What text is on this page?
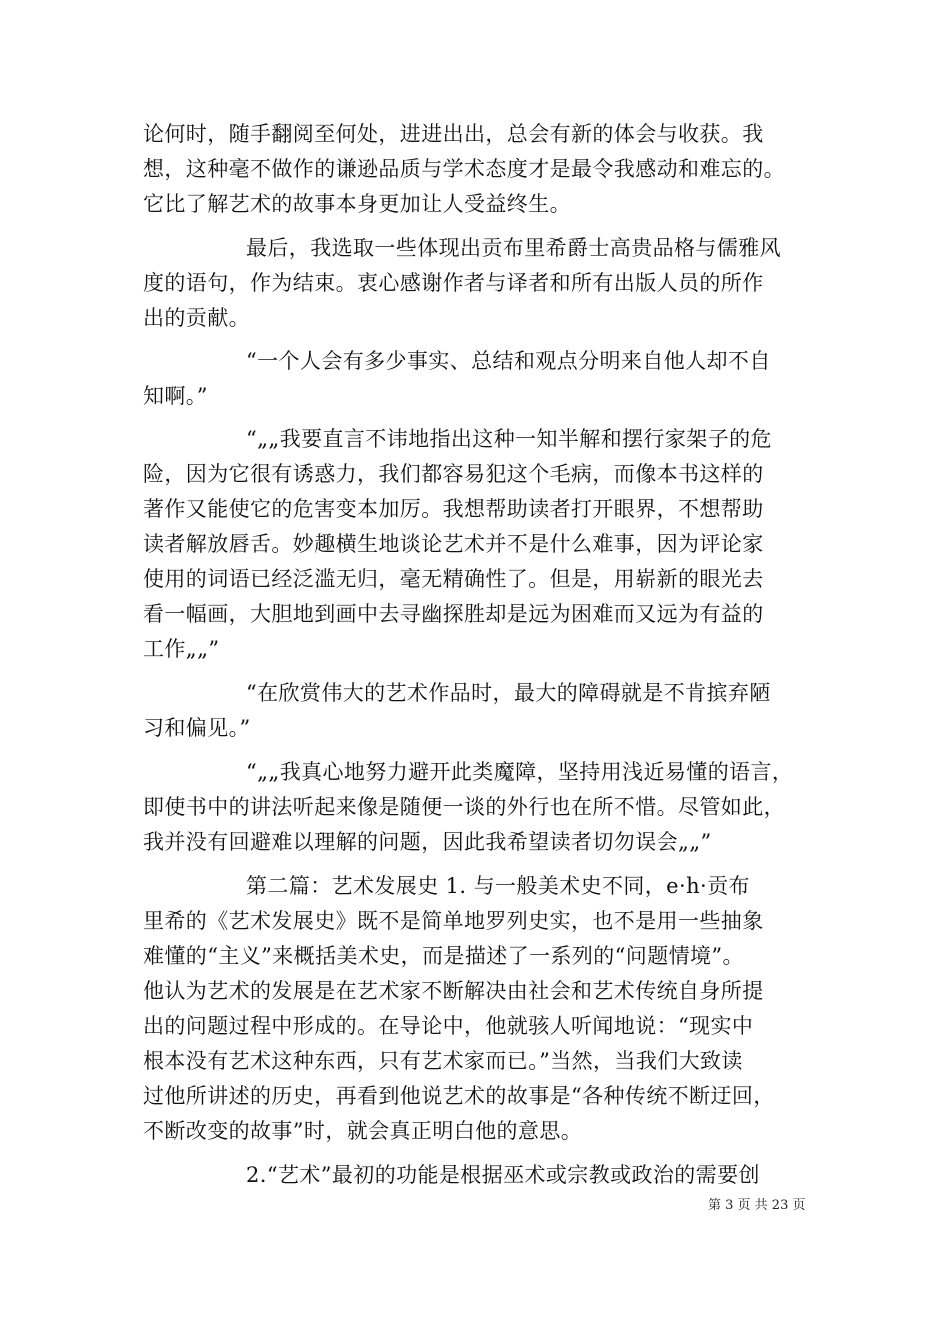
论何时，随手翻阅至何处，进进出出，总会有新的体会与收获。我
想，这种毫不做作的谦逊品质与学术态度才是最令我感动和难忘的。
它比了解艺术的故事本身更加让人受益终生。
最后，我选取一些体现出贡布里希爵士高贵品格与儒雅风
度的语句，作为结束。衷心感谢作者与译者和所有出版人员的所作
出的贡献。
“一个人会有多少事实、总结和观点分明来自他人却不自
知啊。”
“„„我要直言不讳地指出这种一知半解和摆行家架子的危
险，因为它很有诱惑力，我们都容易犯这个毛病，而像本书这样的
著作又能使它的危害变本加厉。我想帮助读者打开眼界，不想帮助
读者解放唇舌。妙趣横生地谈论艺术并不是什么难事，因为评论家
使用的词语已经泛滥无归，毫无精确性了。但是，用崭新的眼光去
看一幅画，大胆地到画中去寻幽探胜却是远为困难而又远为有益的
工作„„”
“在欣赏伟大的艺术作品时，最大的障碍就是不肯摈弃陋
习和偏见。”
“„„我真心地努力避开此类魔障，坚持用浅近易懂的语言，
即使书中的讲法听起来像是随便一谈的外行也在所不惜。尽管如此，
我并没有回避难以理解的问题，因此我希望读者切勿误会„„”
第二篇：艺术发展史 1. 与一般美术史不同，e·h·贡布
里希的《艺术发展史》既不是简单地罗列史实，也不是用一些抽象
难懂的“主义”来概括美术史，而是描述了一系列的“问题情境”。
他认为艺术的发展是在艺术家不断解决由社会和艺术传统自身所提
出的问题过程中形成的。在导论中，他就骇人听闻地说：“现实中
根本没有艺术这种东西，只有艺术家而已。”当然，当我们大致读
过他所讲述的历史，再看到他说艺术的故事是“各种传统不断迂回，
不断改变的故事”时，就会真正明白他的意思。
2.“艺术”最初的功能是根据巫术或宗教或政治的需要创
第 3 页 共 23 页
